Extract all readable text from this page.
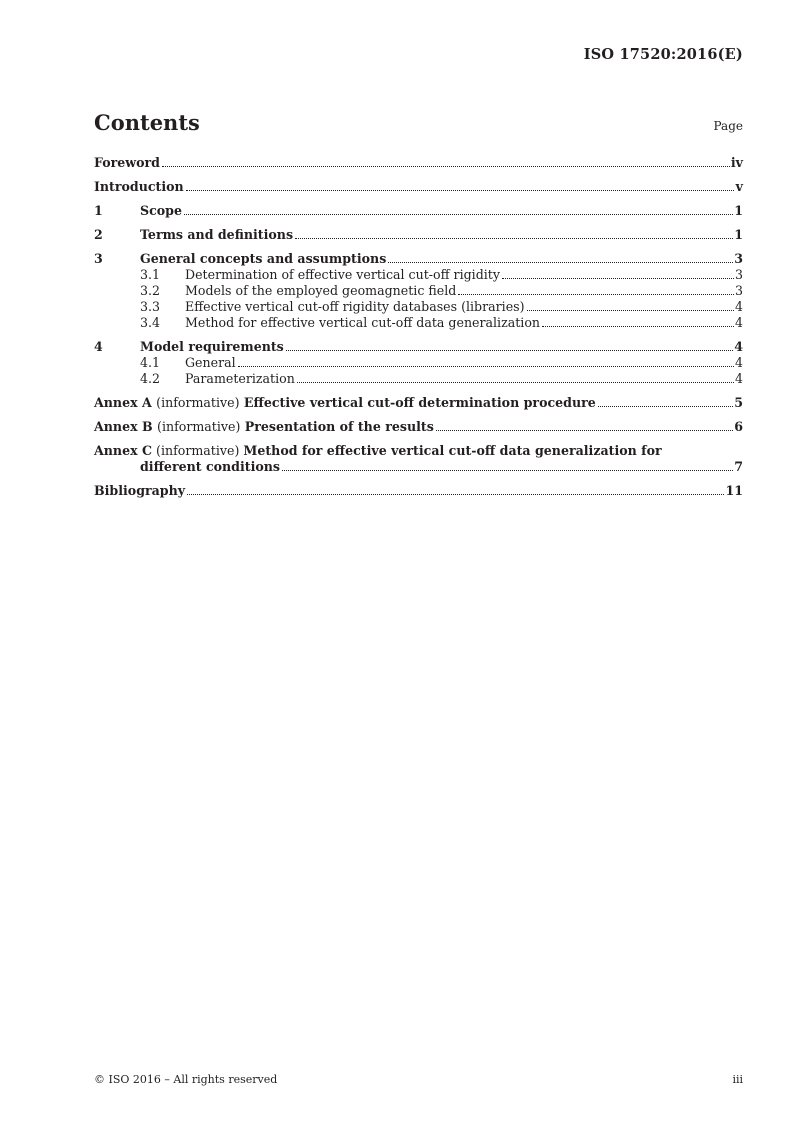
ISO 17520:2016(E)
Contents	Page
Foreword	iv
Introduction	v
1	Scope	1
2	Terms and definitions	1
3	General concepts and assumptions	3
3.1	Determination of effective vertical cut-off rigidity	3
3.2	Models of the employed geomagnetic field	3
3.3	Effective vertical cut-off rigidity databases (libraries)	4
3.4	Method for effective vertical cut-off data generalization	4
4	Model requirements	4
4.1	General	4
4.2	Parameterization	4
Annex A (informative) Effective vertical cut-off determination procedure	5
Annex B (informative) Presentation of the results	6
Annex C (informative) Method for effective vertical cut-off data generalization for
different conditions	7
Bibliography	11
© ISO 2016 – All rights reserved	iii
